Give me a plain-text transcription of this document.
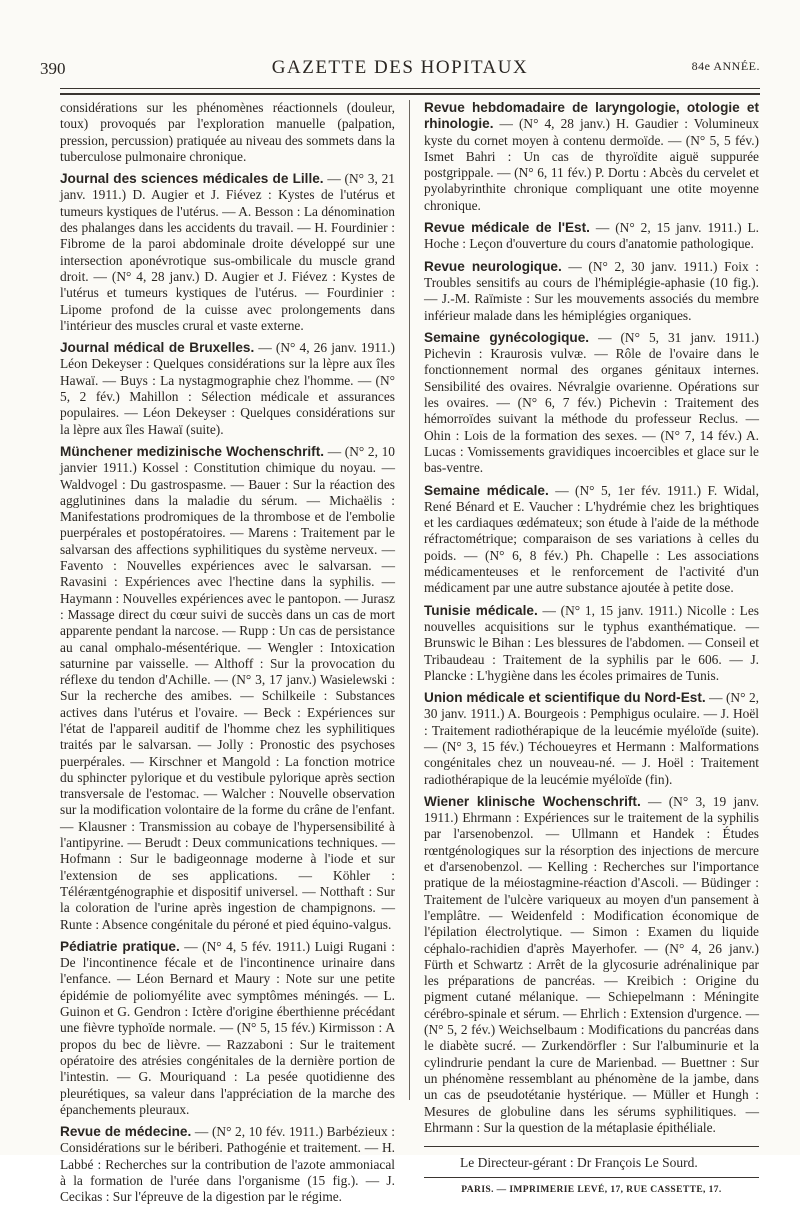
390	GAZETTE DES HOPITAUX	84e ANNÉE.

considérations sur les phénomènes réactionnels (douleur, toux) provoqués par l'exploration manuelle (palpation, pression, percussion) pratiquée au niveau des sommets dans la tuberculose pulmonaire chronique.

Journal des sciences médicales de Lille. — (N° 3, 21 janv. 1911.) D. Augier et J. Fiévez : Kystes de l'utérus et tumeurs kystiques de l'utérus. — A. Besson : La dénomination des phalanges dans les accidents du travail. — H. Fourdinier : Fibrome de la paroi abdominale droite développé sur une intersection aponévrotique sus-ombilicale du muscle grand droit. — (N° 4, 28 janv.) D. Augier et J. Fiévez : Kystes de l'utérus et tumeurs kystiques de l'utérus. — Fourdinier : Lipome profond de la cuisse avec prolongements dans l'intérieur des muscles crural et vaste externe.

Journal médical de Bruxelles. — (N° 4, 26 janv. 1911.) Léon Dekeyser : Quelques considérations sur la lèpre aux îles Hawaï. — Buys : La nystagmographie chez l'homme. — (N° 5, 2 fév.) Mahillon : Sélection médicale et assurances populaires. — Léon Dekeyser : Quelques considérations sur la lèpre aux îles Hawaï (suite).

Münchener medizinische Wochenschrift. — (N° 2, 10 janvier 1911.) Kossel : Constitution chimique du noyau. — Waldvogel : Du gastrospasme. — Bauer : Sur la réaction des agglutinines dans la maladie du sérum. — Michaëlis : Manifestations prodromiques de la thrombose et de l'embolie puerpérales et postopératoires. — Marens : Traitement par le salvarsan des affections syphilitiques du système nerveux. — Favento : Nouvelles expériences avec le salvarsan. — Ravasini : Expériences avec l'hectine dans la syphilis. — Haymann : Nouvelles expériences avec le pantopon. — Jurasz : Massage direct du cœur suivi de succès dans un cas de mort apparente pendant la narcose. — Rupp : Un cas de persistance au canal omphalo-mésentérique. — Wengler : Intoxication saturnine par vaisselle. — Althoff : Sur la provocation du réflexe du tendon d'Achille. — (N° 3, 17 janv.) Wasielewski : Sur la recherche des amibes. — Schilkeile : Substances actives dans l'utérus et l'ovaire. — Beck : Expériences sur l'état de l'appareil auditif de l'homme chez les syphilitiques traités par le salvarsan. — Jolly : Pronostic des psychoses puerpérales. — Kirschner et Mangold : La fonction motrice du sphincter pylorique et du vestibule pylorique après section transversale de l'estomac. — Walcher : Nouvelle observation sur la modification volontaire de la forme du crâne de l'enfant. — Klausner : Transmission au cobaye de l'hypersensibilité à l'antipyrine. — Berudt : Deux communications techniques. — Hofmann : Sur le badigeonnage moderne à l'iode et sur l'extension de ses applications. — Köhler : Téléræntgénographie et dispositif universel. — Notthaft : Sur la coloration de l'urine après ingestion de champignons. — Runte : Absence congénitale du péroné et pied équino-valgus.

Pédiatrie pratique. — (N° 4, 5 fév. 1911.) Luigi Rugani : De l'incontinence fécale et de l'incontinence urinaire dans l'enfance. — Léon Bernard et Maury : Note sur une petite épidémie de poliomyélite avec symptômes méningés. — L. Guinon et G. Gendron : Ictère d'origine éberthienne précédant une fièvre typhoïde normale. — (N° 5, 15 fév.) Kirmisson : A propos du bec de lièvre. — Razzaboni : Sur le traitement opératoire des atrésies congénitales de la dernière portion de l'intestin. — G. Mouriquand : La pesée quotidienne des pleurétiques, sa valeur dans l'appréciation de la marche des épanchements pleuraux.

Revue de médecine. — (N° 2, 10 fév. 1911.) Barbézieux : Considérations sur le bériberi. Pathogénie et traitement. — H. Labbé : Recherches sur la contribution de l'azote ammoniacal à la formation de l'urée dans l'organisme (15 fig.). — J. Cecikas : Sur l'épreuve de la digestion par le régime.

Revue hebdomadaire de laryngologie, otologie et rhinologie. — (N° 4, 28 janv.) H. Gaudier : Volumineux kyste du cornet moyen à contenu dermoïde. — (N° 5, 5 fév.) Ismet Bahri : Un cas de thyroïdite aiguë suppurée postgrippale. — (N° 6, 11 fév.) P. Dortu : Abcès du cervelet et pyolabyrinthite chronique compliquant une otite moyenne chronique.

Revue médicale de l'Est. — (N° 2, 15 janv. 1911.) L. Hoche : Leçon d'ouverture du cours d'anatomie pathologique.

Revue neurologique. — (N° 2, 30 janv. 1911.) Foix : Troubles sensitifs au cours de l'hémiplégie-aphasie (10 fig.). — J.-M. Raïmiste : Sur les mouvements associés du membre inférieur malade dans les hémiplégies organiques.

Semaine gynécologique. — (N° 5, 31 janv. 1911.) Pichevin : Kraurosis vulvæ. — Rôle de l'ovaire dans le fonctionnement normal des organes génitaux internes. Sensibilité des ovaires. Névralgie ovarienne. Opérations sur les ovaires. — (N° 6, 7 fév.) Pichevin : Traitement des hémorroïdes suivant la méthode du professeur Reclus. — Ohin : Lois de la formation des sexes. — (N° 7, 14 fév.) A. Lucas : Vomissements gravidiques incoercibles et glace sur le bas-ventre.

Semaine médicale. — (N° 5, 1er fév. 1911.) F. Widal, René Bénard et E. Vaucher : L'hydrémie chez les brightiques et les cardiaques œdémateux; son étude à l'aide de la méthode réfractométrique; comparaison de ses variations à celles du poids. — (N° 6, 8 fév.) Ph. Chapelle : Les associations médicamenteuses et le renforcement de l'activité d'un médicament par une autre substance ajoutée à petite dose.

Tunisie médicale. — (N° 1, 15 janv. 1911.) Nicolle : Les nouvelles acquisitions sur le typhus exanthématique. — Brunswic le Bihan : Les blessures de l'abdomen. — Conseil et Tribaudeau : Traitement de la syphilis par le 606. — J. Plancke : L'hygiène dans les écoles primaires de Tunis.

Union médicale et scientifique du Nord-Est. — (N° 2, 30 janv. 1911.) A. Bourgeois : Pemphigus oculaire. — J. Hoël : Traitement radiothérapique de la leucémie myéloïde (suite). — (N° 3, 15 fév.) Téchoueyres et Hermann : Malformations congénitales chez un nouveau-né. — J. Hoël : Traitement radiothérapique de la leucémie myéloïde (fin).

Wiener klinische Wochenschrift. — (N° 3, 19 janv. 1911.) Ehrmann : Expériences sur le traitement de la syphilis par l'arsenobenzol. — Ullmann et Handek : Études rœntgénologiques sur la résorption des injections de mercure et d'arsenobenzol. — Kelling : Recherches sur l'importance pratique de la méiostagmine-réaction d'Ascoli. — Büdinger : Traitement de l'ulcère variqueux au moyen d'un pansement à l'emplâtre. — Weidenfeld : Modification économique de l'épilation électrolytique. — Simon : Examen du liquide céphalo-rachidien d'après Mayerhofer. — (N° 4, 26 janv.) Fürth et Schwartz : Arrêt de la glycosurie adrénalinique par les préparations de pancréas. — Kreibich : Origine du pigment cutané mélanique. — Schiepelmann : Méningite cérébro-spinale et sérum. — Ehrlich : Extension d'urgence. — (N° 5, 2 fév.) Weichselbaum : Modifications du pancréas dans le diabète sucré. — Zurkendörfler : Sur l'albuminurie et la cylindrurie pendant la cure de Marienbad. — Buettner : Sur un phénomène ressemblant au phénomène de la jambe, dans un cas de pseudotétanie hystérique. — Müller et Hungh : Mesures de globuline dans les sérums syphilitiques. — Ehrmann : Sur la question de la métaplasie épithéliale.

Le Directeur-gérant : Dr François Le Sourd.
PARIS. — IMPRIMERIE LEVÉ, 17, RUE CASSETTE, 17.
